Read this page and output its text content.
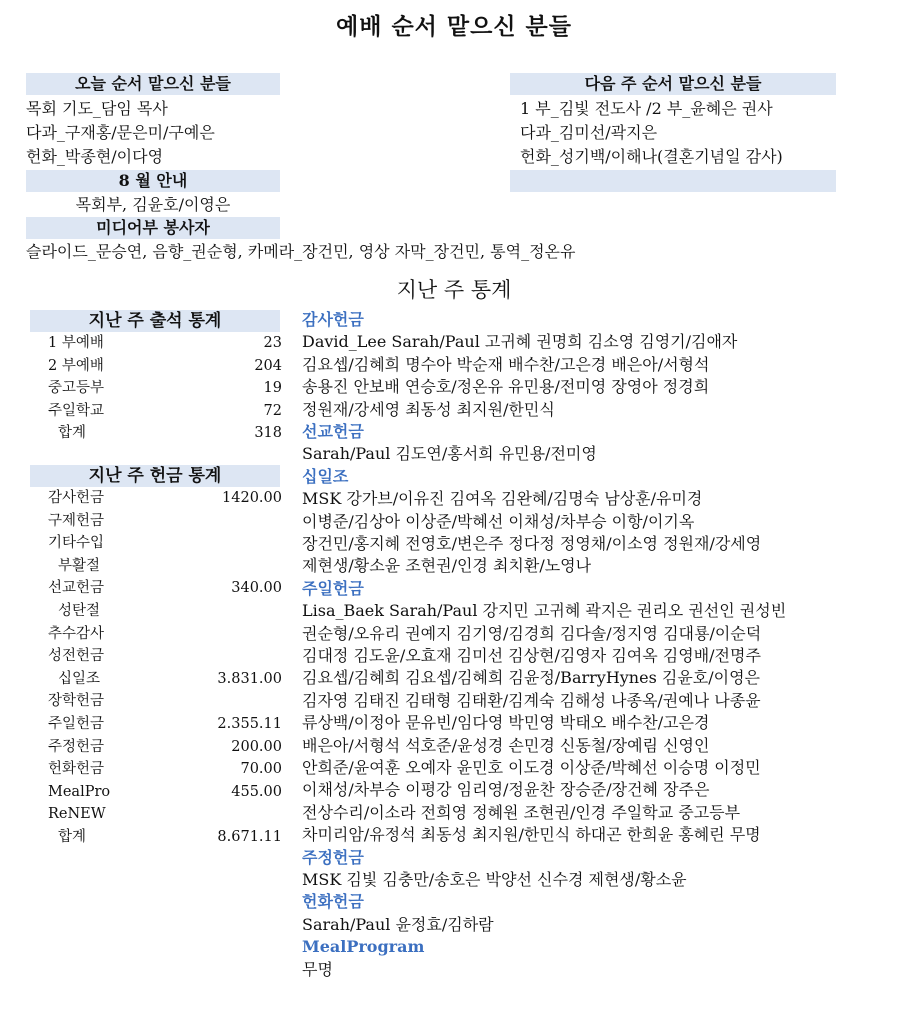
예배 순서 맡으신 분들
오늘 순서 맡으신 분들
목회 기도_담임 목사
다과_구재홍/문은미/구예은
헌화_박종현/이다영
8 월 안내
목회부, 김윤호/이영은
미디어부 봉사자
슬라이드_문승연, 음향_권순형, 카메라_장건민, 영상 자막_장건민, 통역_정온유
다음 주 순서 맡으신 분들
1 부_김빛 전도사 /2 부_윤혜은 권사
다과_김미선/곽지은
헌화_성기백/이해나(결혼기념일 감사)
지난 주 통계
지난 주 출석 통계
1 부예배	23
2 부예배	204
중고등부	19
주일학교	72
합계	318
지난 주 헌금 통계
감사헌금	1420.00
구제헌금
기타수입
부활절
선교헌금	340.00
성탄절
추수감사
성전헌금
십일조	3.831.00
장학헌금
주일헌금	2.355.11
주정헌금	200.00
헌화헌금	70.00
MealPro	455.00
ReNEW
합계	8.671.11
감사헌금
David_Lee Sarah/Paul 고귀혜 권명희 김소영 김영기/김애자
김요셉/김혜희 명수아 박순재 배수찬/고은경 배은아/서형석
송용진 안보배 연승호/정온유 유민용/전미영 장영아 정경희
정원재/강세영 최동성 최지원/한민식
선교헌금
Sarah/Paul 김도연/홍서희 유민용/전미영
십일조
MSK 강가브/이유진 김여옥 김완혜/김명숙 남상훈/유미경
이병준/김상아 이상준/박혜선 이채성/차부승 이항/이기옥
장건민/홍지혜 전영호/변은주 정다정 정영채/이소영 정원재/강세영
제현생/황소윤 조현권/인경 최치환/노영나
주일헌금
Lisa_Baek Sarah/Paul 강지민 고귀혜 곽지은 권리오 권선인 권성빈
권순형/오유리 권예지 김기영/김경희 김다솔/정지영 김대룡/이순덕
김대정 김도윤/오효재 김미선 김상현/김영자 김여옥 김영배/전명주
김요셉/김혜희 김요셉/김혜희 김윤정/BarryHynes 김윤호/이영은
김자영 김태진 김태형 김태환/김계숙 김해성 나종옥/권예나 나종윤
류상백/이정아 문유빈/임다영 박민영 박태오 배수찬/고은경
배은아/서형석 석호준/윤성경 손민경 신동철/장예림 신영인
안희준/윤여훈 오예자 윤민호 이도경 이상준/박혜선 이승명 이정민
이채성/차부승 이평강 임리영/정윤찬 장승준/장건혜 장주은
전상수리/이소라 전희영 정혜원 조현권/인경 주일학교 중고등부
차미리암/유정석 최동성 최지원/한민식 하대곤 한희윤 홍혜린 무명
주정헌금
MSK 김빛 김충만/송호은 박양선 신수경 제현생/황소윤
헌화헌금
Sarah/Paul 윤정효/김하람
MealProgram
무명
